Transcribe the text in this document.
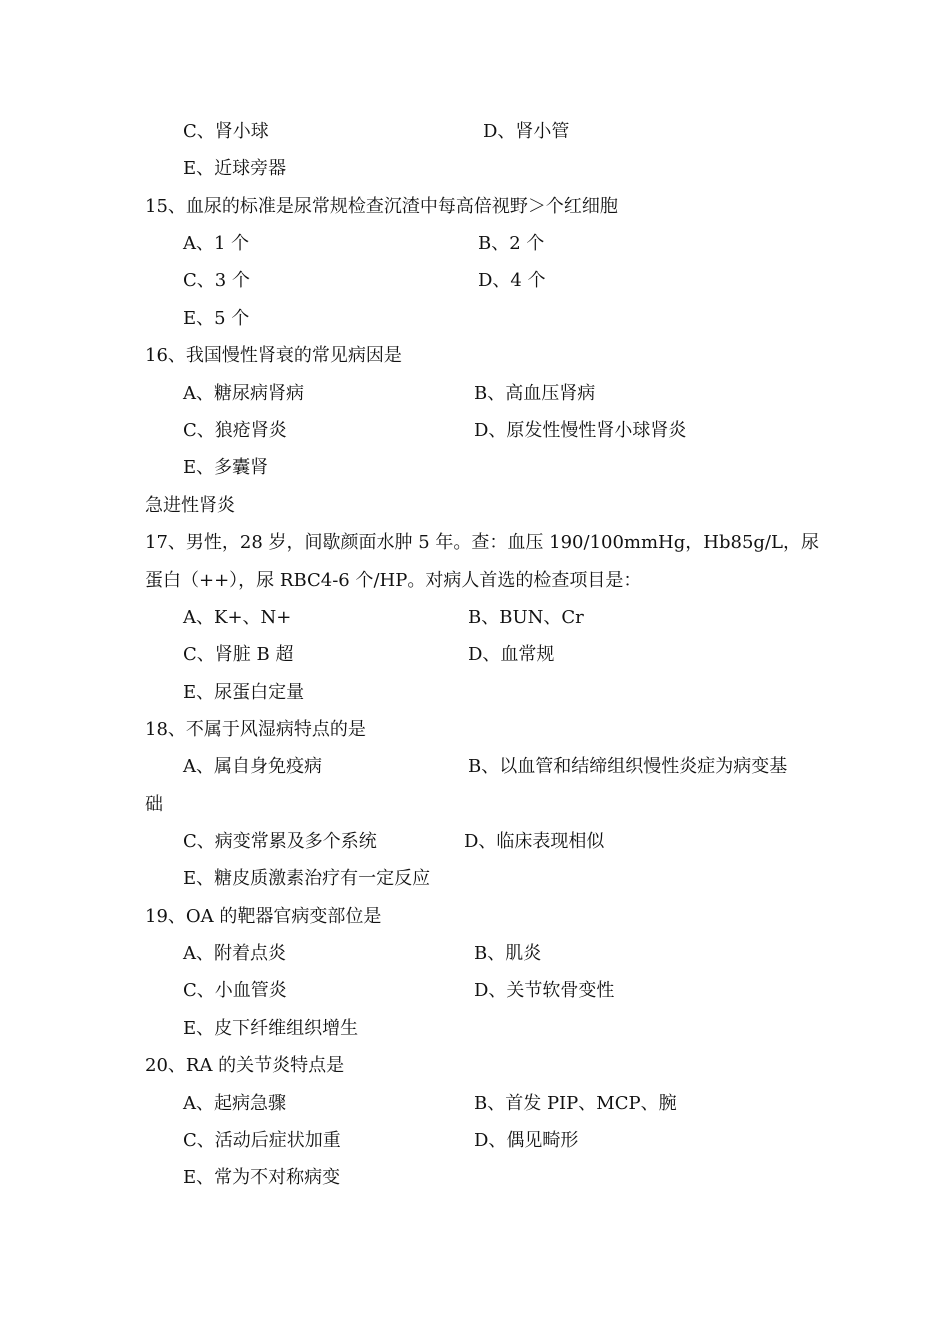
C、肾小球	D、肾小管
E、近球旁器
15、血尿的标准是尿常规检查沉渣中每高倍视野＞个红细胞
A、1 个	B、2 个
C、3 个	D、4 个
E、5 个
16、我国慢性肾衰的常见病因是
A、糖尿病肾病	B、高血压肾病
C、狼疮肾炎	D、原发性慢性肾小球肾炎
E、多囊肾
急进性肾炎
17、男性，28 岁，间歇颜面水肿 5 年。查：血压 190/100mmHg，Hb85g/L，尿
蛋白（++），尿 RBC4-6 个/HP。对病人首选的检查项目是：
A、K+、N+	B、BUN、Cr
C、肾脏 B 超	D、血常规
E、尿蛋白定量
18、不属于风湿病特点的是
A、属自身免疫病	B、以血管和结缔组织慢性炎症为病变基
础
C、病变常累及多个系统	D、临床表现相似
E、糖皮质激素治疗有一定反应
19、OA 的靶器官病变部位是
A、附着点炎	B、肌炎
C、小血管炎	D、关节软骨变性
E、皮下纤维组织增生
20、RA 的关节炎特点是
A、起病急骤	B、首发 PIP、MCP、腕
C、活动后症状加重	D、偶见畸形
E、常为不对称病变
